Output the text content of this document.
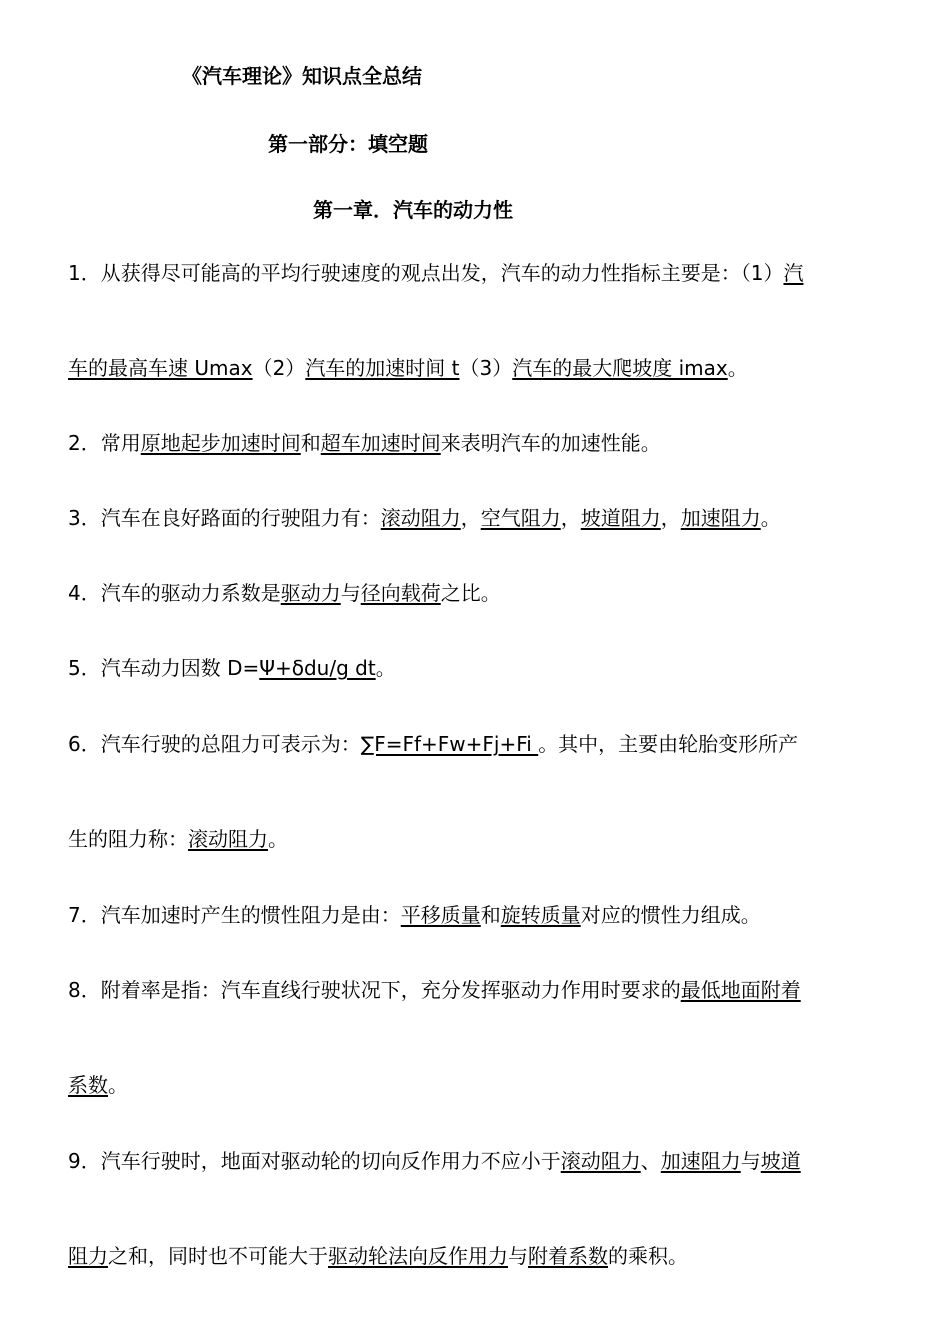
《汽车理论》知识点全总结
第一部分：填空题
第一章．汽车的动力性
1．从获得尽可能高的平均行驶速度的观点出发，汽车的动力性指标主要是：（1）汽
车的最高车速 Umax（2）汽车的加速时间 t（3）汽车的最大爬坡度 imax。
2．常用原地起步加速时间和超车加速时间来表明汽车的加速性能。
3．汽车在良好路面的行驶阻力有：滚动阻力，空气阻力，坡道阻力，加速阻力。
4．汽车的驱动力系数是驱动力与径向载荷之比。
5．汽车动力因数 D=Ψ+δdu/g dt。
6．汽车行驶的总阻力可表示为：∑F=Ff+Fw+Fj+Fi 。其中，主要由轮胎变形所产
生的阻力称：滚动阻力。
7．汽车加速时产生的惯性阻力是由：平移质量和旋转质量对应的惯性力组成。
8．附着率是指：汽车直线行驶状况下，充分发挥驱动力作用时要求的最低地面附着
系数。
9．汽车行驶时，地面对驱动轮的切向反作用力不应小于滚动阻力、加速阻力与坡道
阻力之和，同时也不可能大于驱动轮法向反作用力与附着系数的乘积。
